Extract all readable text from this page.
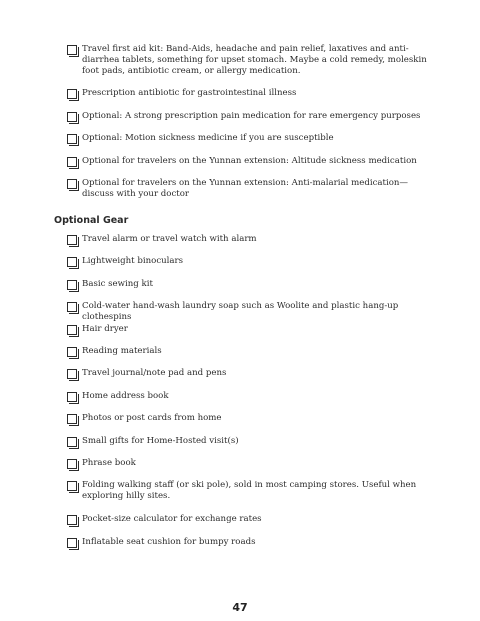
Travel first aid kit: Band-Aids, headache and pain relief, laxatives and anti-diarrhea tablets, something for upset stomach. Maybe a cold remedy, moleskin foot pads, antibiotic cream, or allergy medication.
Prescription antibiotic for gastrointestinal illness
Optional: A strong prescription pain medication for rare emergency purposes
Optional: Motion sickness medicine if you are susceptible
Optional for travelers on the Yunnan extension: Altitude sickness medication
Optional for travelers on the Yunnan extension: Anti-malarial medication—discuss with your doctor
Optional Gear
Travel alarm or travel watch with alarm
Lightweight binoculars
Basic sewing kit
Cold-water hand-wash laundry soap such as Woolite and plastic hang-up clothespins
Hair dryer
Reading materials
Travel journal/note pad and pens
Home address book
Photos or post cards from home
Small gifts for Home-Hosted visit(s)
Phrase book
Folding walking staff (or ski pole), sold in most camping stores. Useful when exploring hilly sites.
Pocket-size calculator for exchange rates
Inflatable seat cushion for bumpy roads
47
